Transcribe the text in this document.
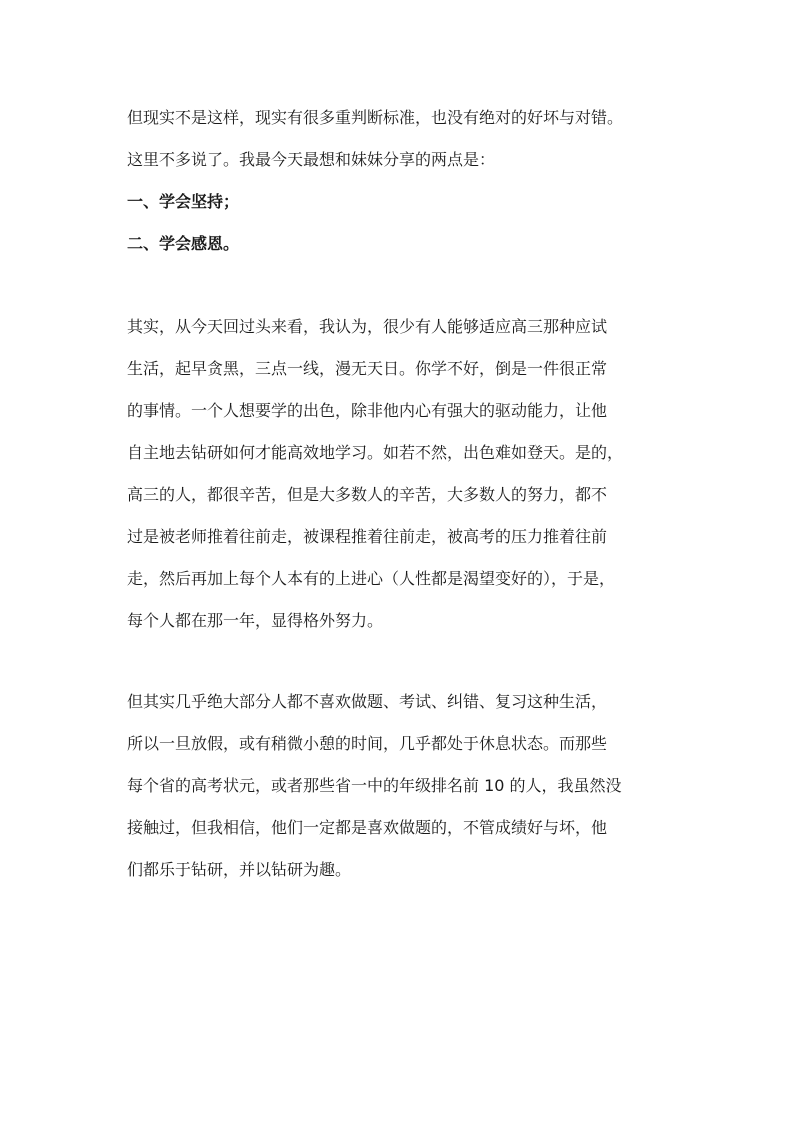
但现实不是这样，现实有很多重判断标准，也没有绝对的好坏与对错。
这里不多说了。我最今天最想和妹妹分享的两点是：
一、学会坚持；
二、学会感恩。
其实，从今天回过头来看，我认为，很少有人能够适应高三那种应试
生活，起早贪黑，三点一线，漫无天日。你学不好，倒是一件很正常
的事情。一个人想要学的出色，除非他内心有强大的驱动能力，让他
自主地去钻研如何才能高效地学习。如若不然，出色难如登天。是的，
高三的人，都很辛苦，但是大多数人的辛苦，大多数人的努力，都不
过是被老师推着往前走，被课程推着往前走，被高考的压力推着往前
走，然后再加上每个人本有的上进心（人性都是渴望变好的），于是，
每个人都在那一年，显得格外努力。
但其实几乎绝大部分人都不喜欢做题、考试、纠错、复习这种生活，
所以一旦放假，或有稍微小憩的时间，几乎都处于休息状态。而那些
每个省的高考状元，或者那些省一中的年级排名前 10 的人，我虽然没
接触过，但我相信，他们一定都是喜欢做题的，不管成绩好与坏，他
们都乐于钻研，并以钻研为趣。
